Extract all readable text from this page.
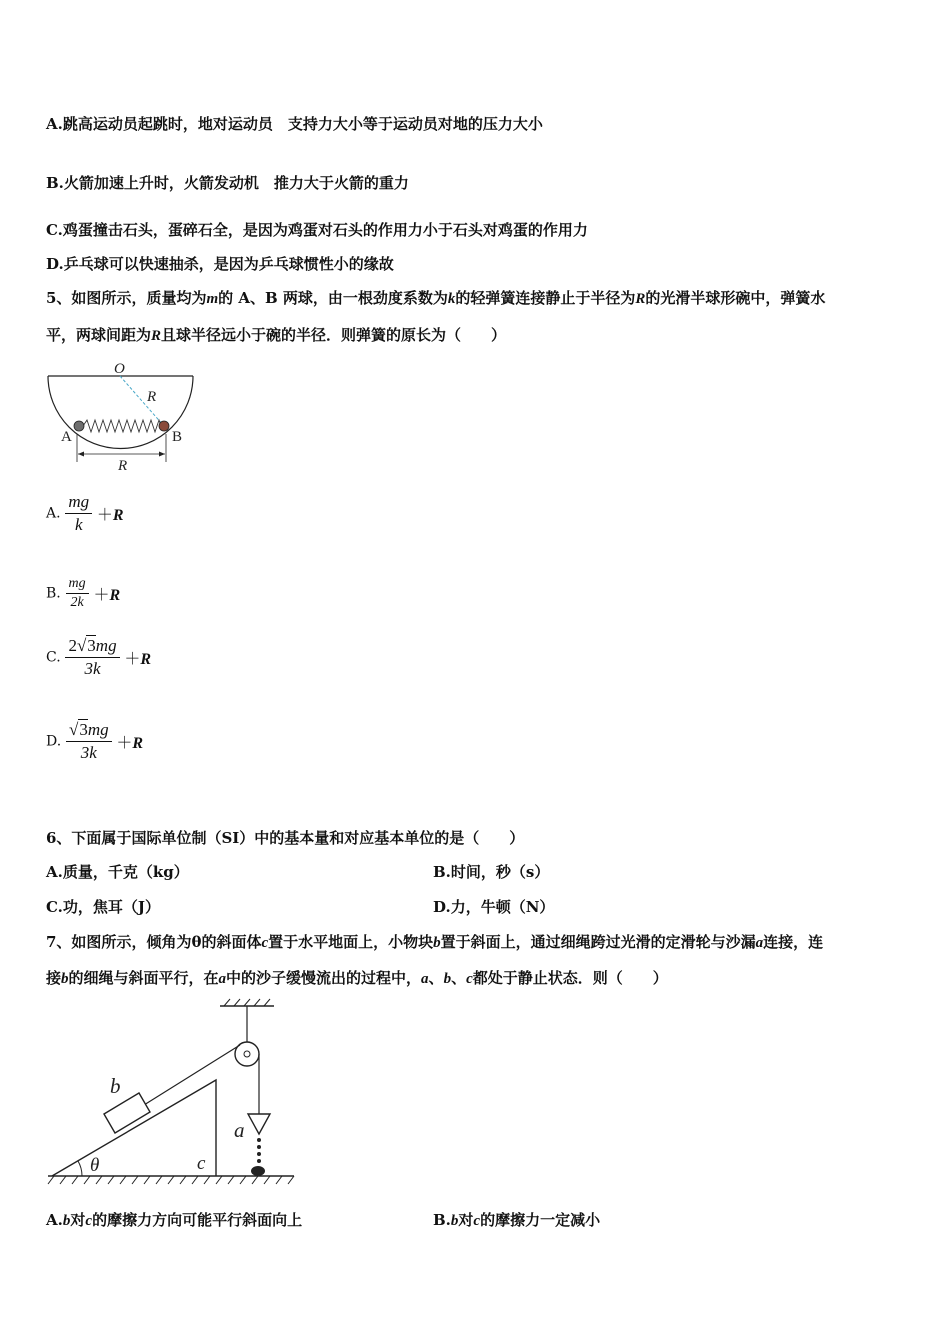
A.跳高运动员起跳时，地对运动员　支持力大小等于运动员对地的压力大小
B.火箭加速上升时，火箭发动机　推力大于火箭的重力
C.鸡蛋撞击石头，蛋碎石全，是因为鸡蛋对石头的作用力小于石头对鸡蛋的作用力
D.乒乓球可以快速抽杀，是因为乒乓球惯性小的缘故
5、如图所示，质量均为m的 A、B 两球，由一根劲度系数为k的轻弹簧连接静止于半径为R的光滑半球形碗中，弹簧水
平，两球间距为R且球半径远小于碗的半径．则弹簧的原长为（　　）
O
R
A	B
R
A. $\frac{mg}{k} +R$
B. $\frac{mg}{2k} +R$
C. $\frac{2√3mg}{3k} +R$
D. $\frac{√3mg}{3k} +R$
6、下面属于国际单位制（SI）中的基本量和对应基本单位的是（　　）
A.质量，千克（kg）	B.时间，秒（s）
C.功，焦耳（J）	D.力，牛顿（N）
7、如图所示，倾角为θ的斜面体c置于水平地面上，小物块b置于斜面上，通过细绳跨过光滑的定滑轮与沙漏a连接，连
接b的细绳与斜面平行，在a中的沙子缓慢流出的过程中，a、b、c都处于静止状态．则（　　）
b
a
θ	c
A.b对c的摩擦力方向可能平行斜面向上	B.b对c的摩擦力一定减小
